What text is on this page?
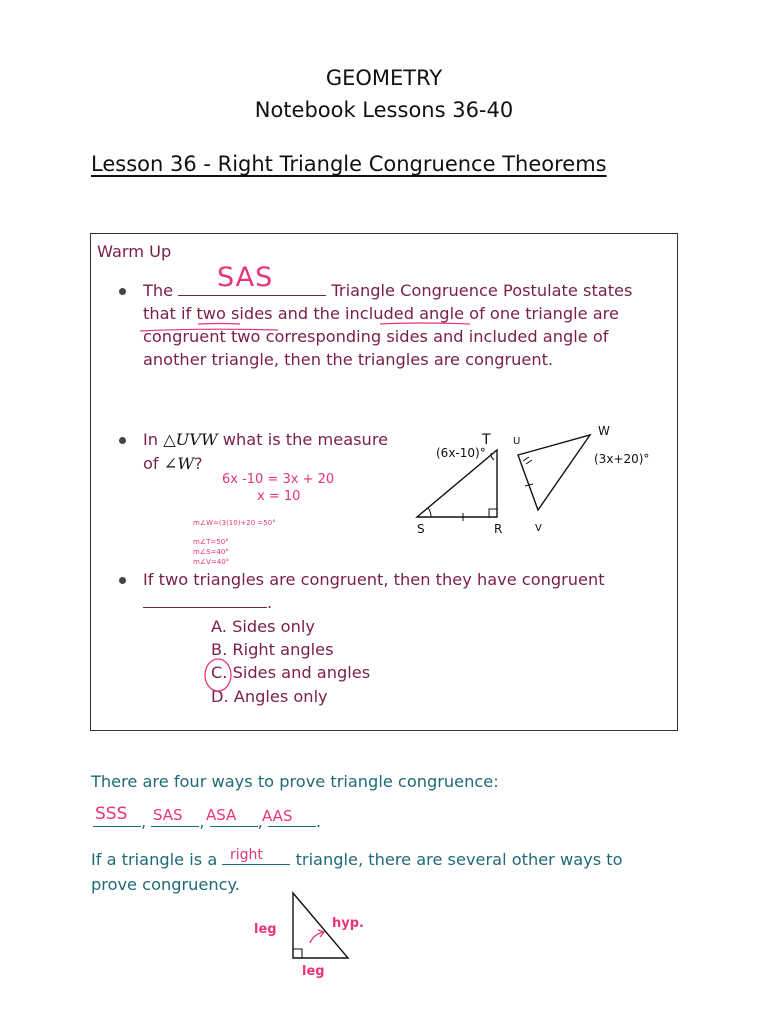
GEOMETRY
Notebook Lessons 36-40
Lesson 36 - Right Triangle Congruence Theorems
Warm Up
The	Triangle Congruence Postulate states
SAS
that if two sides and the included angle of one triangle are
congruent two corresponding sides and included angle of
another triangle, then the triangles are congruent.
In △UVW what is the measure
of ∠W?
6x -10 = 3x + 20
x = 10
m∠W=(3(10)+20 =50°
m∠T=50°
m∠S=40°
m∠V=40°
T
(6x-10)°
S	R
U
V
W
(3x+20)°
If two triangles are congruent, then they have congruent
.
A. Sides only
B. Right angles
C. Sides and angles
D. Angles only
There are four ways to prove triangle congruence:
,	,	,	.
SSS SAS ASA AAS
If a triangle is a	triangle, there are several other ways to
right
prove congruency.
leg	hyp.
leg
